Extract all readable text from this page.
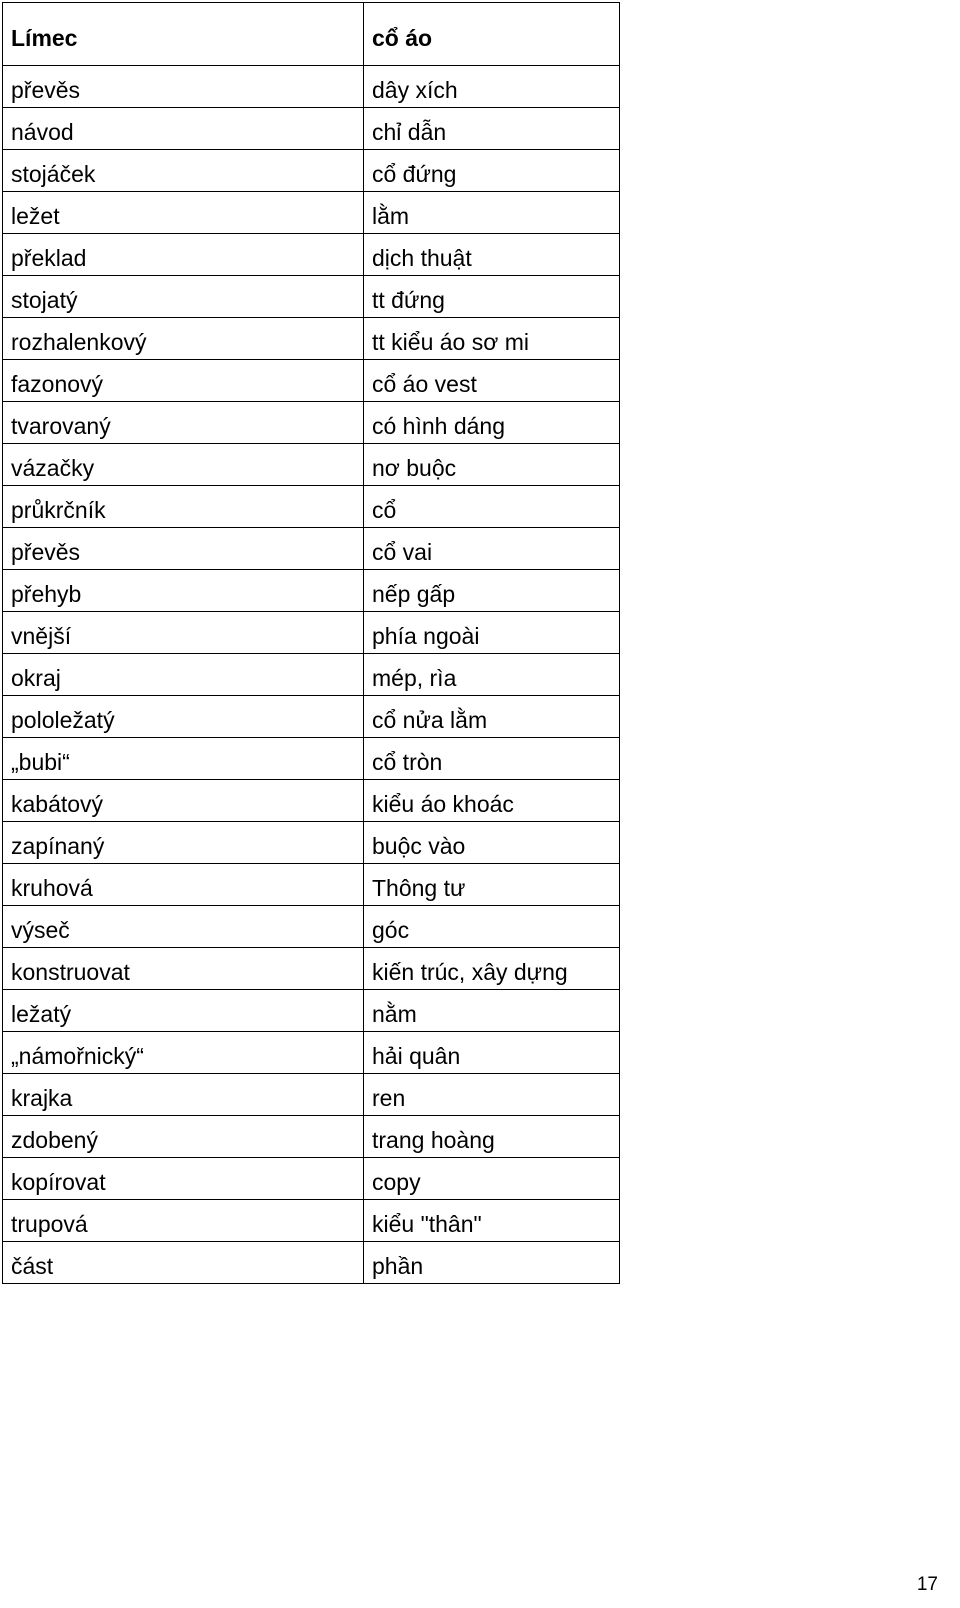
Límec	cổ áo
převěs	dây xích
návod	chỉ dẫn
stojáček	cổ đứng
ležet	lằm
překlad	dịch thuật
stojatý	tt đứng
rozhalenkový	tt kiểu áo sơ mi
fazonový	cổ áo vest
tvarovaný	có hình dáng
vázačky	nơ buộc
průkrčník	cổ
převěs	cổ vai
přehyb	nếp gấp
vnější	phía ngoài
okraj	mép, rìa
pololežatý	cổ nửa lằm
„bubi“	cổ tròn
kabátový	kiểu áo khoác
zapínaný	buộc vào
kruhová	Thông tư
výseč	góc
konstruovat	kiến trúc, xây dựng
ležatý	nằm
„námořnický“	hải quân
krajka	ren
zdobený	trang hoàng
kopírovat	copy
trupová	kiểu "thân"
část	phần
17
